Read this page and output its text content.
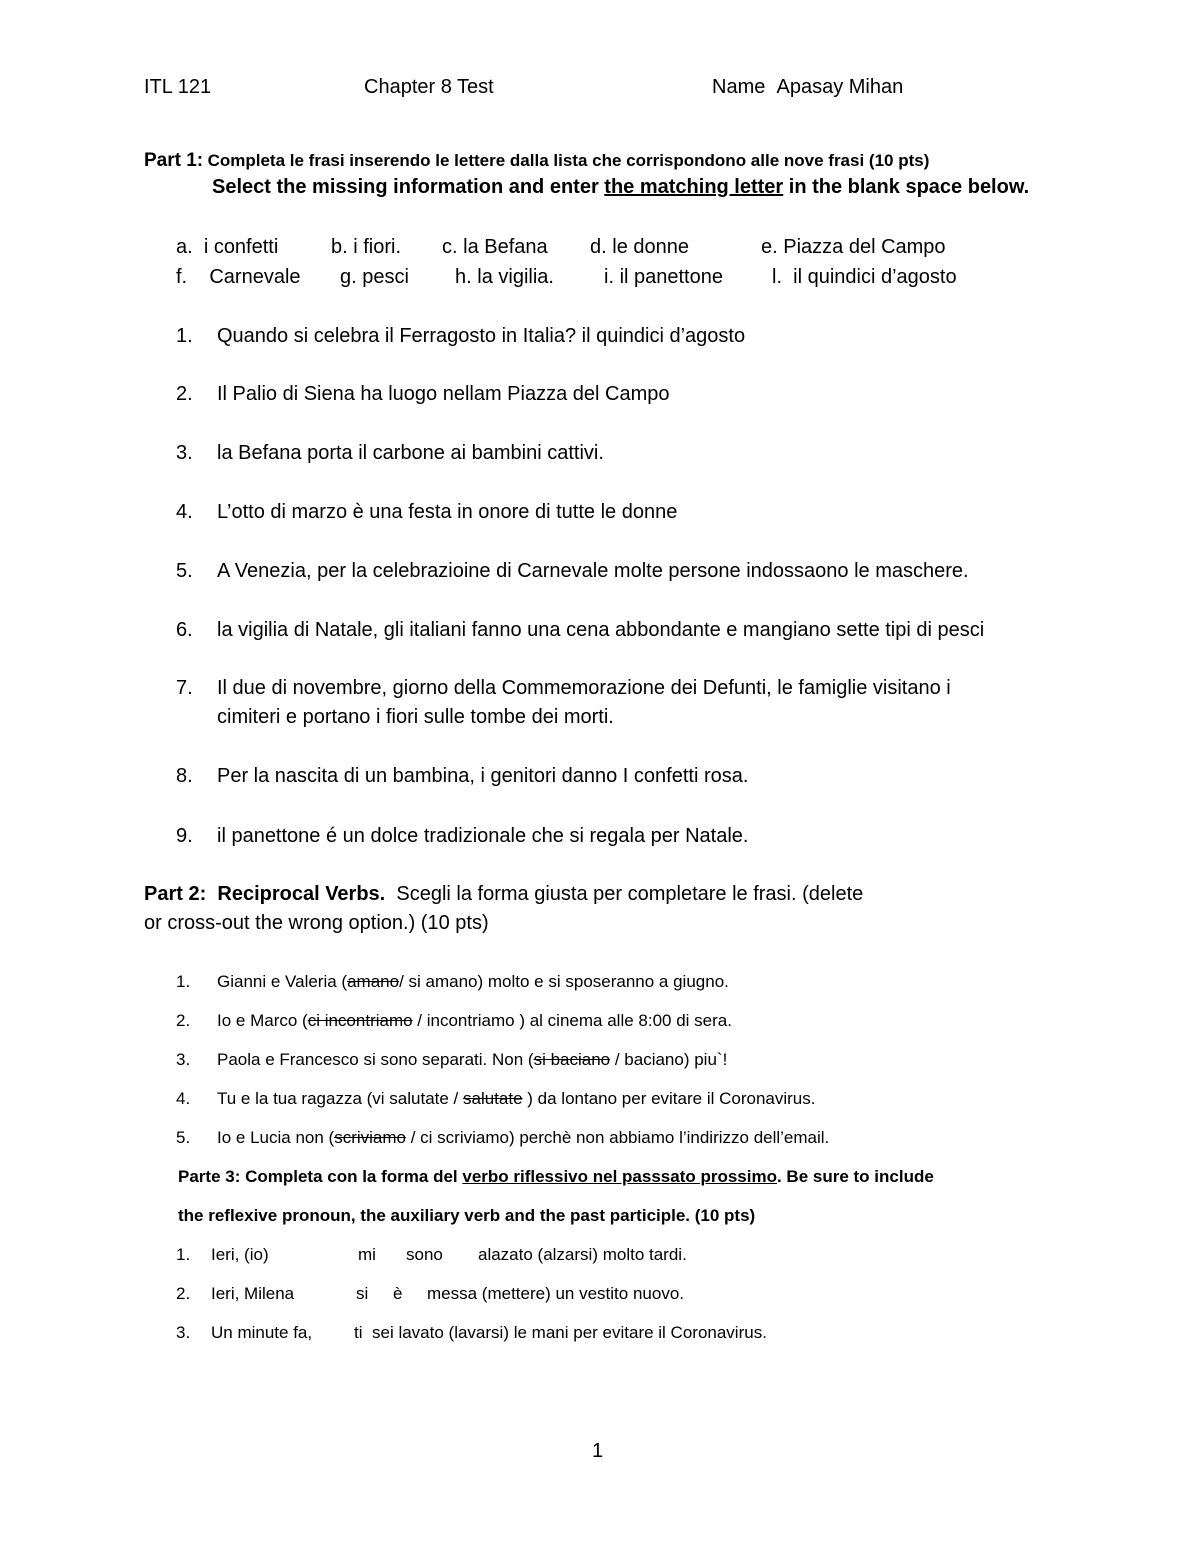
ITL 121	Chapter 8 Test	Name Apasay Mihan
Part 1: Completa le frasi inserendo le lettere dalla lista che corrispondono alle nove frasi (10 pts)
Select the missing information and enter the matching letter in the blank space below.
a. i confetti	b. i fiori. c. la Befana d. le donne	e. Piazza del Campo
f. Carnevale g. pesci h. la vigilia.	i. il panettone l. il quindici d’agosto
1. Quando si celebra il Ferragosto in Italia? il quindici d’agosto
2. Il Palio di Siena ha luogo nellam Piazza del Campo
3. la Befana porta il carbone ai bambini cattivi.
4. L’otto di marzo è una festa in onore di tutte le donne
5. A Venezia, per la celebrazioine di Carnevale molte persone indossaono le maschere.
6. la vigilia di Natale, gli italiani fanno una cena abbondante e mangiano sette tipi di pesci
7. Il due di novembre, giorno della Commemorazione dei Defunti, le famiglie visitano i
cimiteri e portano i fiori sulle tombe dei morti.
8. Per la nascita di un bambina, i genitori danno I confetti rosa.
9. il panettone é un dolce tradizionale che si regala per Natale.
Part 2: Reciprocal Verbs. Scegli la forma giusta per completare le frasi. (delete
or cross-out the wrong option.) (10 pts)
1. Gianni e Valeria (amano/ si amano) molto e si sposeranno a giugno.
2. Io e Marco (ci incontriamo / incontriamo ) al cinema alle 8:00 di sera.
3. Paola e Francesco si sono separati. Non (si baciano / baciano) piu`!
4. Tu e la tua ragazza (vi salutate / salutate ) da lontano per evitare il Coronavirus.
5. Io e Lucia non (scriviamo / ci scriviamo) perchè non abbiamo l’indirizzo dell’email.
Parte 3: Completa con la forma del verbo riflessivo nel passsato prossimo. Be sure to include
the reflexive pronoun, the auxiliary verb and the past participle. (10 pts)
1. Ieri, (io)	mi sono alazato (alzarsi) molto tardi.
2. Ieri, Milena	si è messa (mettere) un vestito nuovo.
3. Un minute fa, ti sei lavato (lavarsi) le mani per evitare il Coronavirus.
1
